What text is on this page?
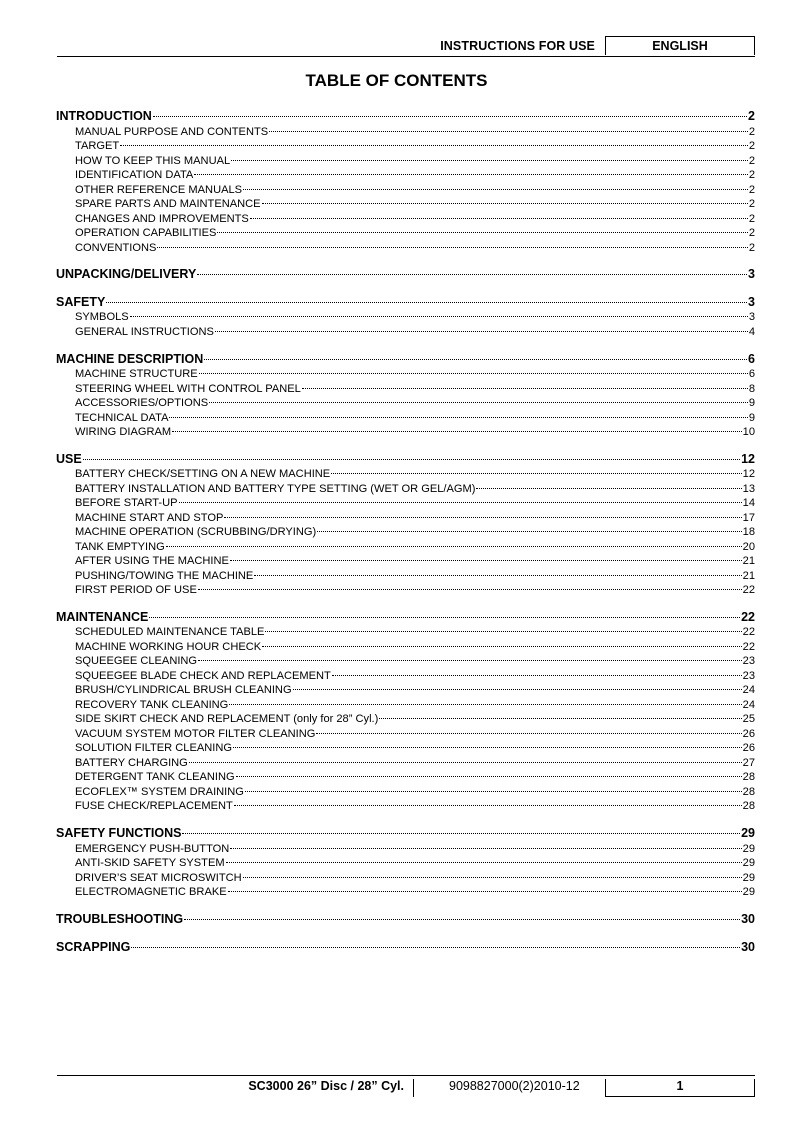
INSTRUCTIONS FOR USE	ENGLISH
TABLE OF CONTENTS
INTRODUCTION	2
MANUAL PURPOSE AND CONTENTS	2
TARGET	2
HOW TO KEEP THIS MANUAL	2
IDENTIFICATION DATA	2
OTHER REFERENCE MANUALS	2
SPARE PARTS AND MAINTENANCE	2
CHANGES AND IMPROVEMENTS	2
OPERATION CAPABILITIES	2
CONVENTIONS	2
UNPACKING/DELIVERY	3
SAFETY	3
SYMBOLS	3
GENERAL INSTRUCTIONS	4
MACHINE DESCRIPTION	6
MACHINE STRUCTURE	6
STEERING WHEEL WITH CONTROL PANEL	8
ACCESSORIES/OPTIONS	9
TECHNICAL DATA	9
WIRING DIAGRAM	10
USE	12
BATTERY CHECK/SETTING ON A NEW MACHINE	12
BATTERY INSTALLATION AND BATTERY TYPE SETTING (WET OR GEL/AGM)	13
BEFORE START-UP	14
MACHINE START AND STOP	17
MACHINE OPERATION (SCRUBBING/DRYING)	18
TANK EMPTYING	20
AFTER USING THE MACHINE	21
PUSHING/TOWING THE MACHINE	21
FIRST PERIOD OF USE	22
MAINTENANCE	22
SCHEDULED MAINTENANCE TABLE	22
MACHINE WORKING HOUR CHECK	22
SQUEEGEE CLEANING	23
SQUEEGEE BLADE CHECK AND REPLACEMENT	23
BRUSH/CYLINDRICAL BRUSH CLEANING	24
RECOVERY TANK CLEANING	24
SIDE SKIRT CHECK AND REPLACEMENT (only for 28” Cyl.)	25
VACUUM SYSTEM MOTOR FILTER CLEANING	26
SOLUTION FILTER CLEANING	26
BATTERY CHARGING	27
DETERGENT TANK CLEANING	28
ECOFLEX™ SYSTEM DRAINING	28
FUSE CHECK/REPLACEMENT	28
SAFETY FUNCTIONS	29
EMERGENCY PUSH-BUTTON	29
ANTI-SKID SAFETY SYSTEM	29
DRIVER’S SEAT MICROSWITCH	29
ELECTROMAGNETIC BRAKE	29
TROUBLESHOOTING	30
SCRAPPING	30
SC3000 26” Disc / 28” Cyl.	9098827000(2)2010-12	1
